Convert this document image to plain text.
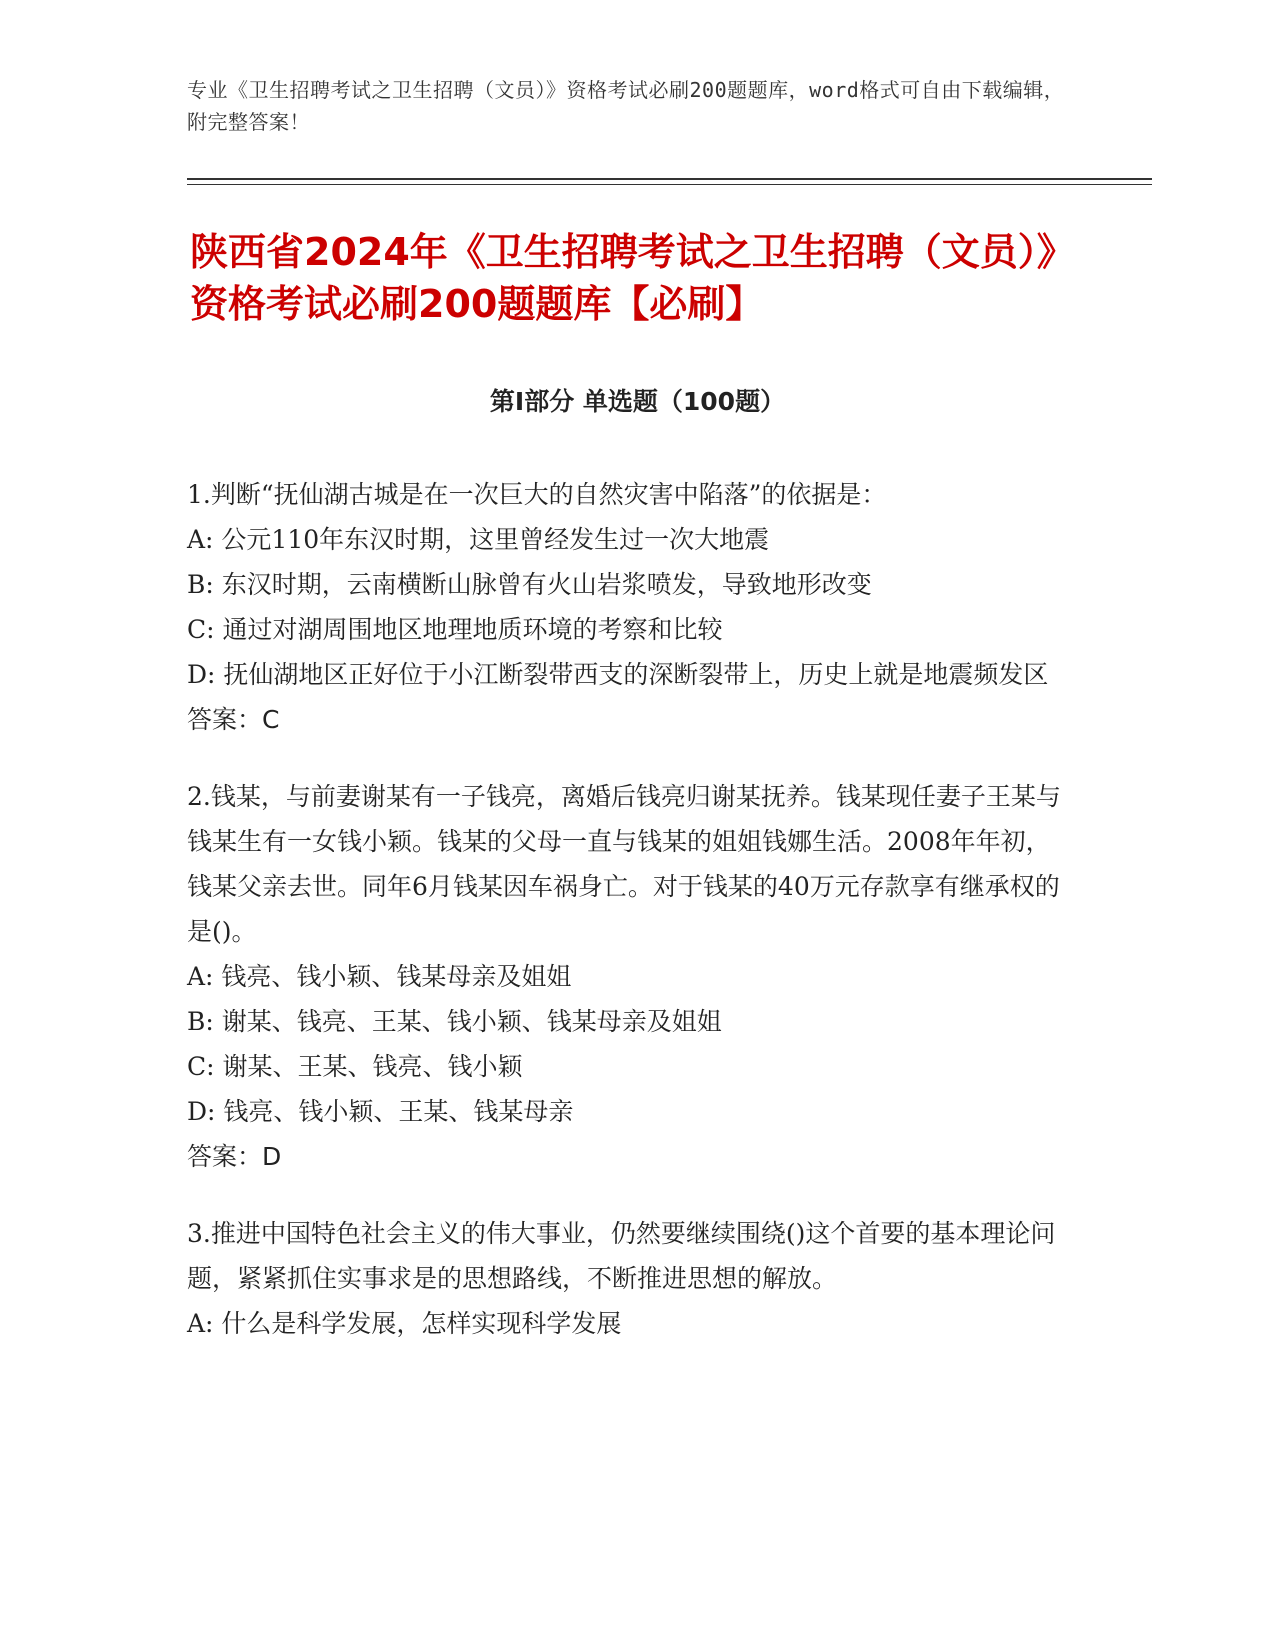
专业《卫生招聘考试之卫生招聘（文员）》资格考试必刷200题题库，word格式可自由下载编辑，附完整答案！
陕西省2024年《卫生招聘考试之卫生招聘（文员）》资格考试必刷200题题库【必刷】
第Ⅰ部分 单选题（100题）

1.判断“抚仙湖古城是在一次巨大的自然灾害中陷落”的依据是：

A: 公元110年东汉时期，这里曾经发生过一次大地震

B: 东汉时期，云南横断山脉曾有火山岩浆喷发，导致地形改变

C: 通过对湖周围地区地理地质环境的考察和比较

D: 抚仙湖地区正好位于小江断裂带西支的深断裂带上，历史上就是地震频发区

答案：C

2.钱某，与前妻谢某有一子钱亮，离婚后钱亮归谢某抚养。钱某现任妻子王某与钱某生有一女钱小颖。钱某的父母一直与钱某的姐姐钱娜生活。2008年年初，钱某父亲去世。同年6月钱某因车祸身亡。对于钱某的40万元存款享有继承权的是()。

A: 钱亮、钱小颖、钱某母亲及姐姐

B: 谢某、钱亮、王某、钱小颖、钱某母亲及姐姐

C: 谢某、王某、钱亮、钱小颖

D: 钱亮、钱小颖、王某、钱某母亲

答案：D

3.推进中国特色社会主义的伟大事业，仍然要继续围绕()这个首要的基本理论问题，紧紧抓住实事求是的思想路线，不断推进思想的解放。

A: 什么是科学发展，怎样实现科学发展
